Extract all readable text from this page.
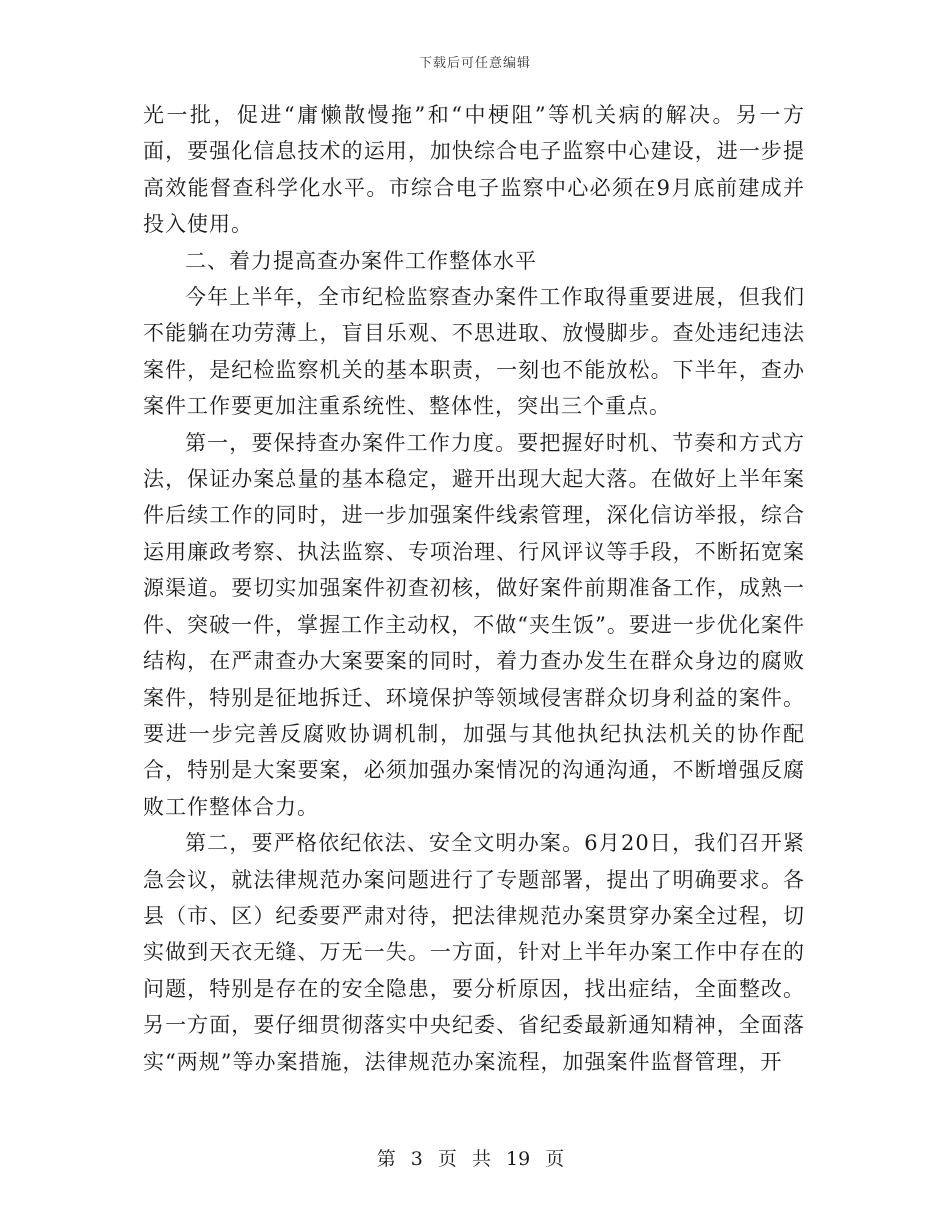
下载后可任意编辑

光一批，促进“庸懒散慢拖”和“中梗阻”等机关病的解决。另一方面，要强化信息技术的运用，加快综合电子监察中心建设，进一步提高效能督查科学化水平。市综合电子监察中心必须在9月底前建成并投入使用。

二、着力提高查办案件工作整体水平

今年上半年，全市纪检监察查办案件工作取得重要进展，但我们不能躺在功劳薄上，盲目乐观、不思进取、放慢脚步。查处违纪违法案件，是纪检监察机关的基本职责，一刻也不能放松。下半年，查办案件工作要更加注重系统性、整体性，突出三个重点。

第一，要保持查办案件工作力度。要把握好时机、节奏和方式方法，保证办案总量的基本稳定，避开出现大起大落。在做好上半年案件后续工作的同时，进一步加强案件线索管理，深化信访举报，综合运用廉政考察、执法监察、专项治理、行风评议等手段，不断拓宽案源渠道。要切实加强案件初查初核，做好案件前期准备工作，成熟一件、突破一件，掌握工作主动权，不做“夹生饭”。要进一步优化案件结构，在严肃查办大案要案的同时，着力查办发生在群众身边的腐败案件，特别是征地拆迁、环境保护等领域侵害群众切身利益的案件。要进一步完善反腐败协调机制，加强与其他执纪执法机关的协作配合，特别是大案要案，必须加强办案情况的沟通沟通，不断增强反腐败工作整体合力。

第二，要严格依纪依法、安全文明办案。6月20日，我们召开紧急会议，就法律规范办案问题进行了专题部署，提出了明确要求。各县（市、区）纪委要严肃对待，把法律规范办案贯穿办案全过程，切实做到天衣无缝、万无一失。一方面，针对上半年办案工作中存在的问题，特别是存在的安全隐患，要分析原因，找出症结，全面整改。另一方面，要仔细贯彻落实中央纪委、省纪委最新通知精神，全面落实“两规”等办案措施，法律规范办案流程，加强案件监督管理，开

第 3 页 共 19 页
